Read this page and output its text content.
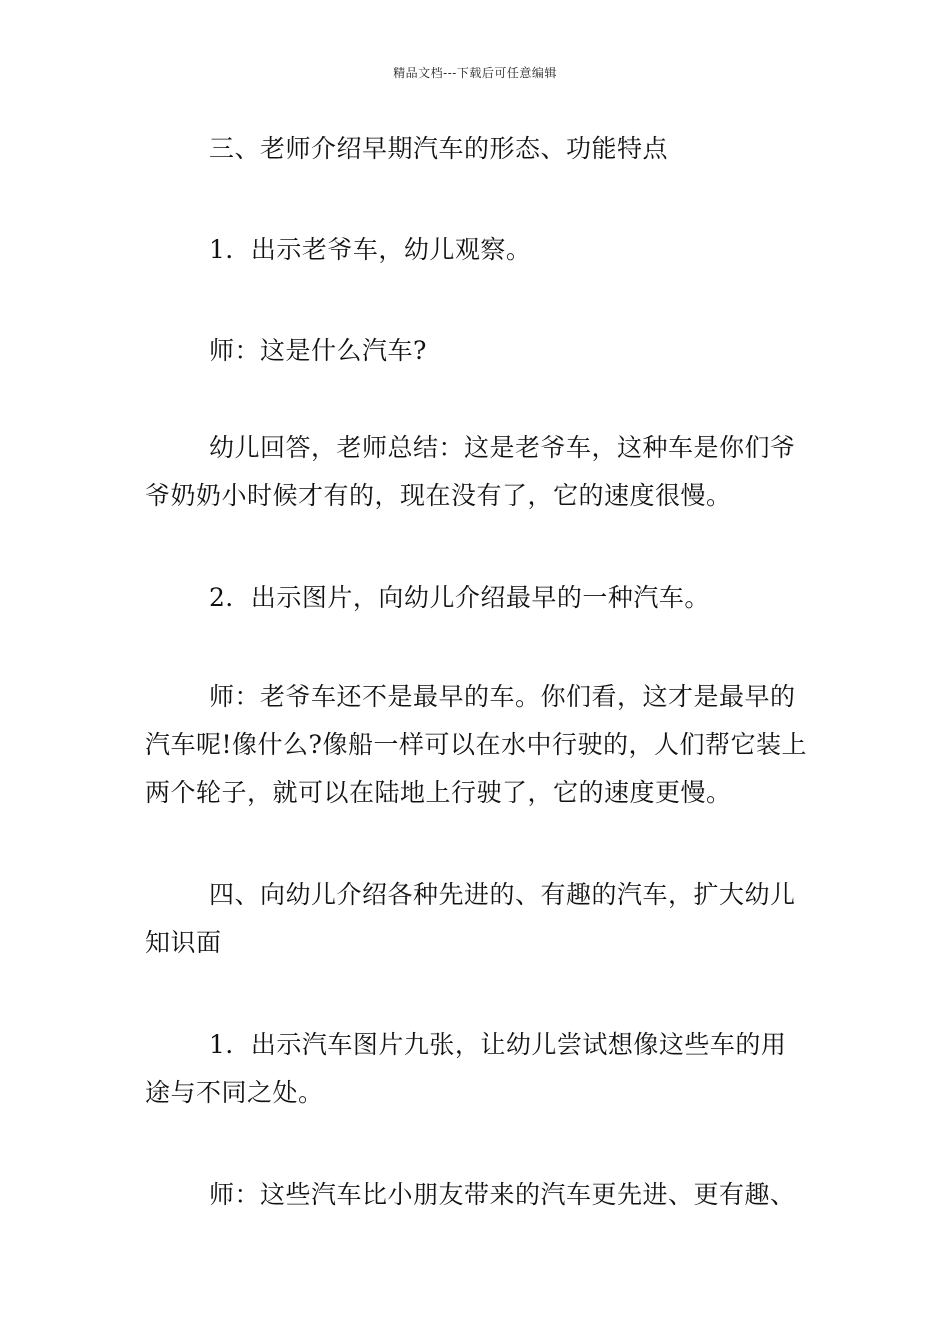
精品文档---下载后可任意编辑
三、老师介绍早期汽车的形态、功能特点
1．出示老爷车，幼儿观察。
师：这是什么汽车?
幼儿回答，老师总结：这是老爷车，这种车是你们爷爷奶奶小时候才有的，现在没有了，它的速度很慢。
2．出示图片，向幼儿介绍最早的一种汽车。
师：老爷车还不是最早的车。你们看，这才是最早的汽车呢!像什么?像船一样可以在水中行驶的，人们帮它装上两个轮子，就可以在陆地上行驶了，它的速度更慢。
四、向幼儿介绍各种先进的、有趣的汽车，扩大幼儿知识面
1．出示汽车图片九张，让幼儿尝试想像这些车的用途与不同之处。
师：这些汽车比小朋友带来的汽车更先进、更有趣、
